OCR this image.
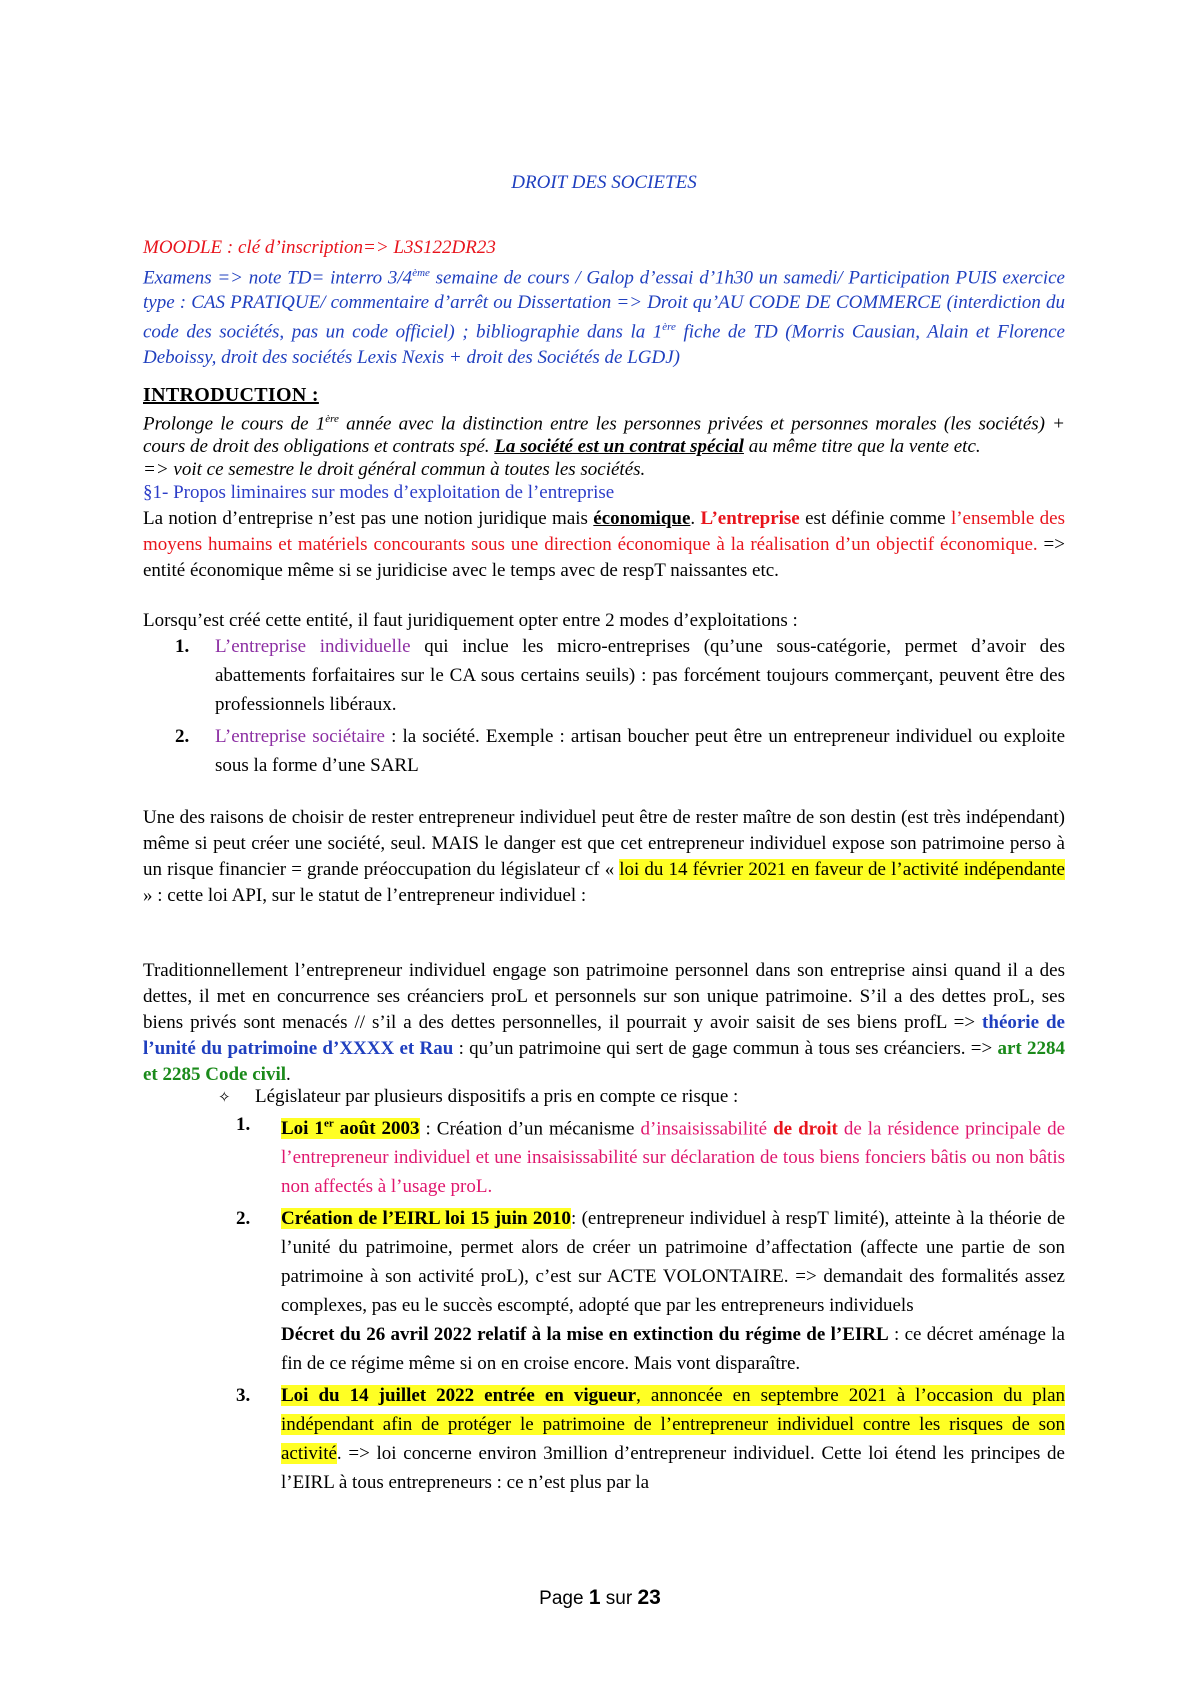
DROIT DES SOCIETES

MOODLE : clé d’inscription=> L3S122DR23

Examens => note TD= interro 3/4ème semaine de cours / Galop d’essai d’1h30 un samedi/ Participation PUIS exercice type : CAS PRATIQUE/ commentaire d’arrêt ou Dissertation => Droit qu’AU CODE DE COMMERCE (interdiction du code des sociétés, pas un code officiel) ; bibliographie dans la 1ère fiche de TD (Morris Causian, Alain et Florence Deboissy, droit des sociétés Lexis Nexis + droit des Sociétés de LGDJ)

INTRODUCTION :

Prolonge le cours de 1ère année avec la distinction entre les personnes privées et personnes morales (les sociétés) + cours de droit des obligations et contrats spé. La société est un contrat spécial au même titre que la vente etc.

=> voit ce semestre le droit général commun à toutes les sociétés.

§1- Propos liminaires sur modes d’exploitation de l’entreprise

La notion d’entreprise n’est pas une notion juridique mais économique. L’entreprise est définie comme l’ensemble des moyens humains et matériels concourants sous une direction économique à la réalisation d’un objectif économique. => entité économique même si se juridicise avec le temps avec de respT naissantes etc.

Lorsqu’est créé cette entité, il faut juridiquement opter entre 2 modes d’exploitations :

1. L’entreprise individuelle qui inclue les micro-entreprises (qu’une sous-catégorie, permet d’avoir des abattements forfaitaires sur le CA sous certains seuils) : pas forcément toujours commerçant, peuvent être des professionnels libéraux.
2. L’entreprise sociétaire : la société. Exemple : artisan boucher peut être un entrepreneur individuel ou exploite sous la forme d’une SARL

Une des raisons de choisir de rester entrepreneur individuel peut être de rester maître de son destin (est très indépendant) même si peut créer une société, seul. MAIS le danger est que cet entrepreneur individuel expose son patrimoine perso à un risque financier = grande préoccupation du législateur cf « loi du 14 février 2021 en faveur de l’activité indépendante » : cette loi API, sur le statut de l’entrepreneur individuel :

Traditionnellement l’entrepreneur individuel engage son patrimoine personnel dans son entreprise ainsi quand il a des dettes, il met en concurrence ses créanciers proL et personnels sur son unique patrimoine. S’il a des dettes proL, ses biens privés sont menacés // s’il a des dettes personnelles, il pourrait y avoir saisit de ses biens profL => théorie de l’unité du patrimoine d’XXXX et Rau : qu’un patrimoine qui sert de gage commun à tous ses créanciers. => art 2284 et 2285 Code civil.

✧ Législateur par plusieurs dispositifs a pris en compte ce risque :
1. Loi 1er août 2003 : Création d’un mécanisme d’insaisissabilité de droit de la résidence principale de l’entrepreneur individuel et une insaisissabilité sur déclaration de tous biens fonciers bâtis ou non bâtis non affectés à l’usage proL.
2. Création de l’EIRL loi 15 juin 2010: (entrepreneur individuel à respT limité), atteinte à la théorie de l’unité du patrimoine, permet alors de créer un patrimoine d’affectation (affecte une partie de son patrimoine à son activité proL), c’est sur ACTE VOLONTAIRE. => demandait des formalités assez complexes, pas eu le succès escompté, adopté que par les entrepreneurs individuels
Décret du 26 avril 2022 relatif à la mise en extinction du régime de l’EIRL : ce décret aménage la fin de ce régime même si on en croise encore. Mais vont disparaître.
3. Loi du 14 juillet 2022 entrée en vigueur, annoncée en septembre 2021 à l’occasion du plan indépendant afin de protéger le patrimoine de l’entrepreneur individuel contre les risques de son activité. => loi concerne environ 3million d’entrepreneur individuel. Cette loi étend les principes de l’EIRL à tous entrepreneurs : ce n’est plus par la

Page 1 sur 23
